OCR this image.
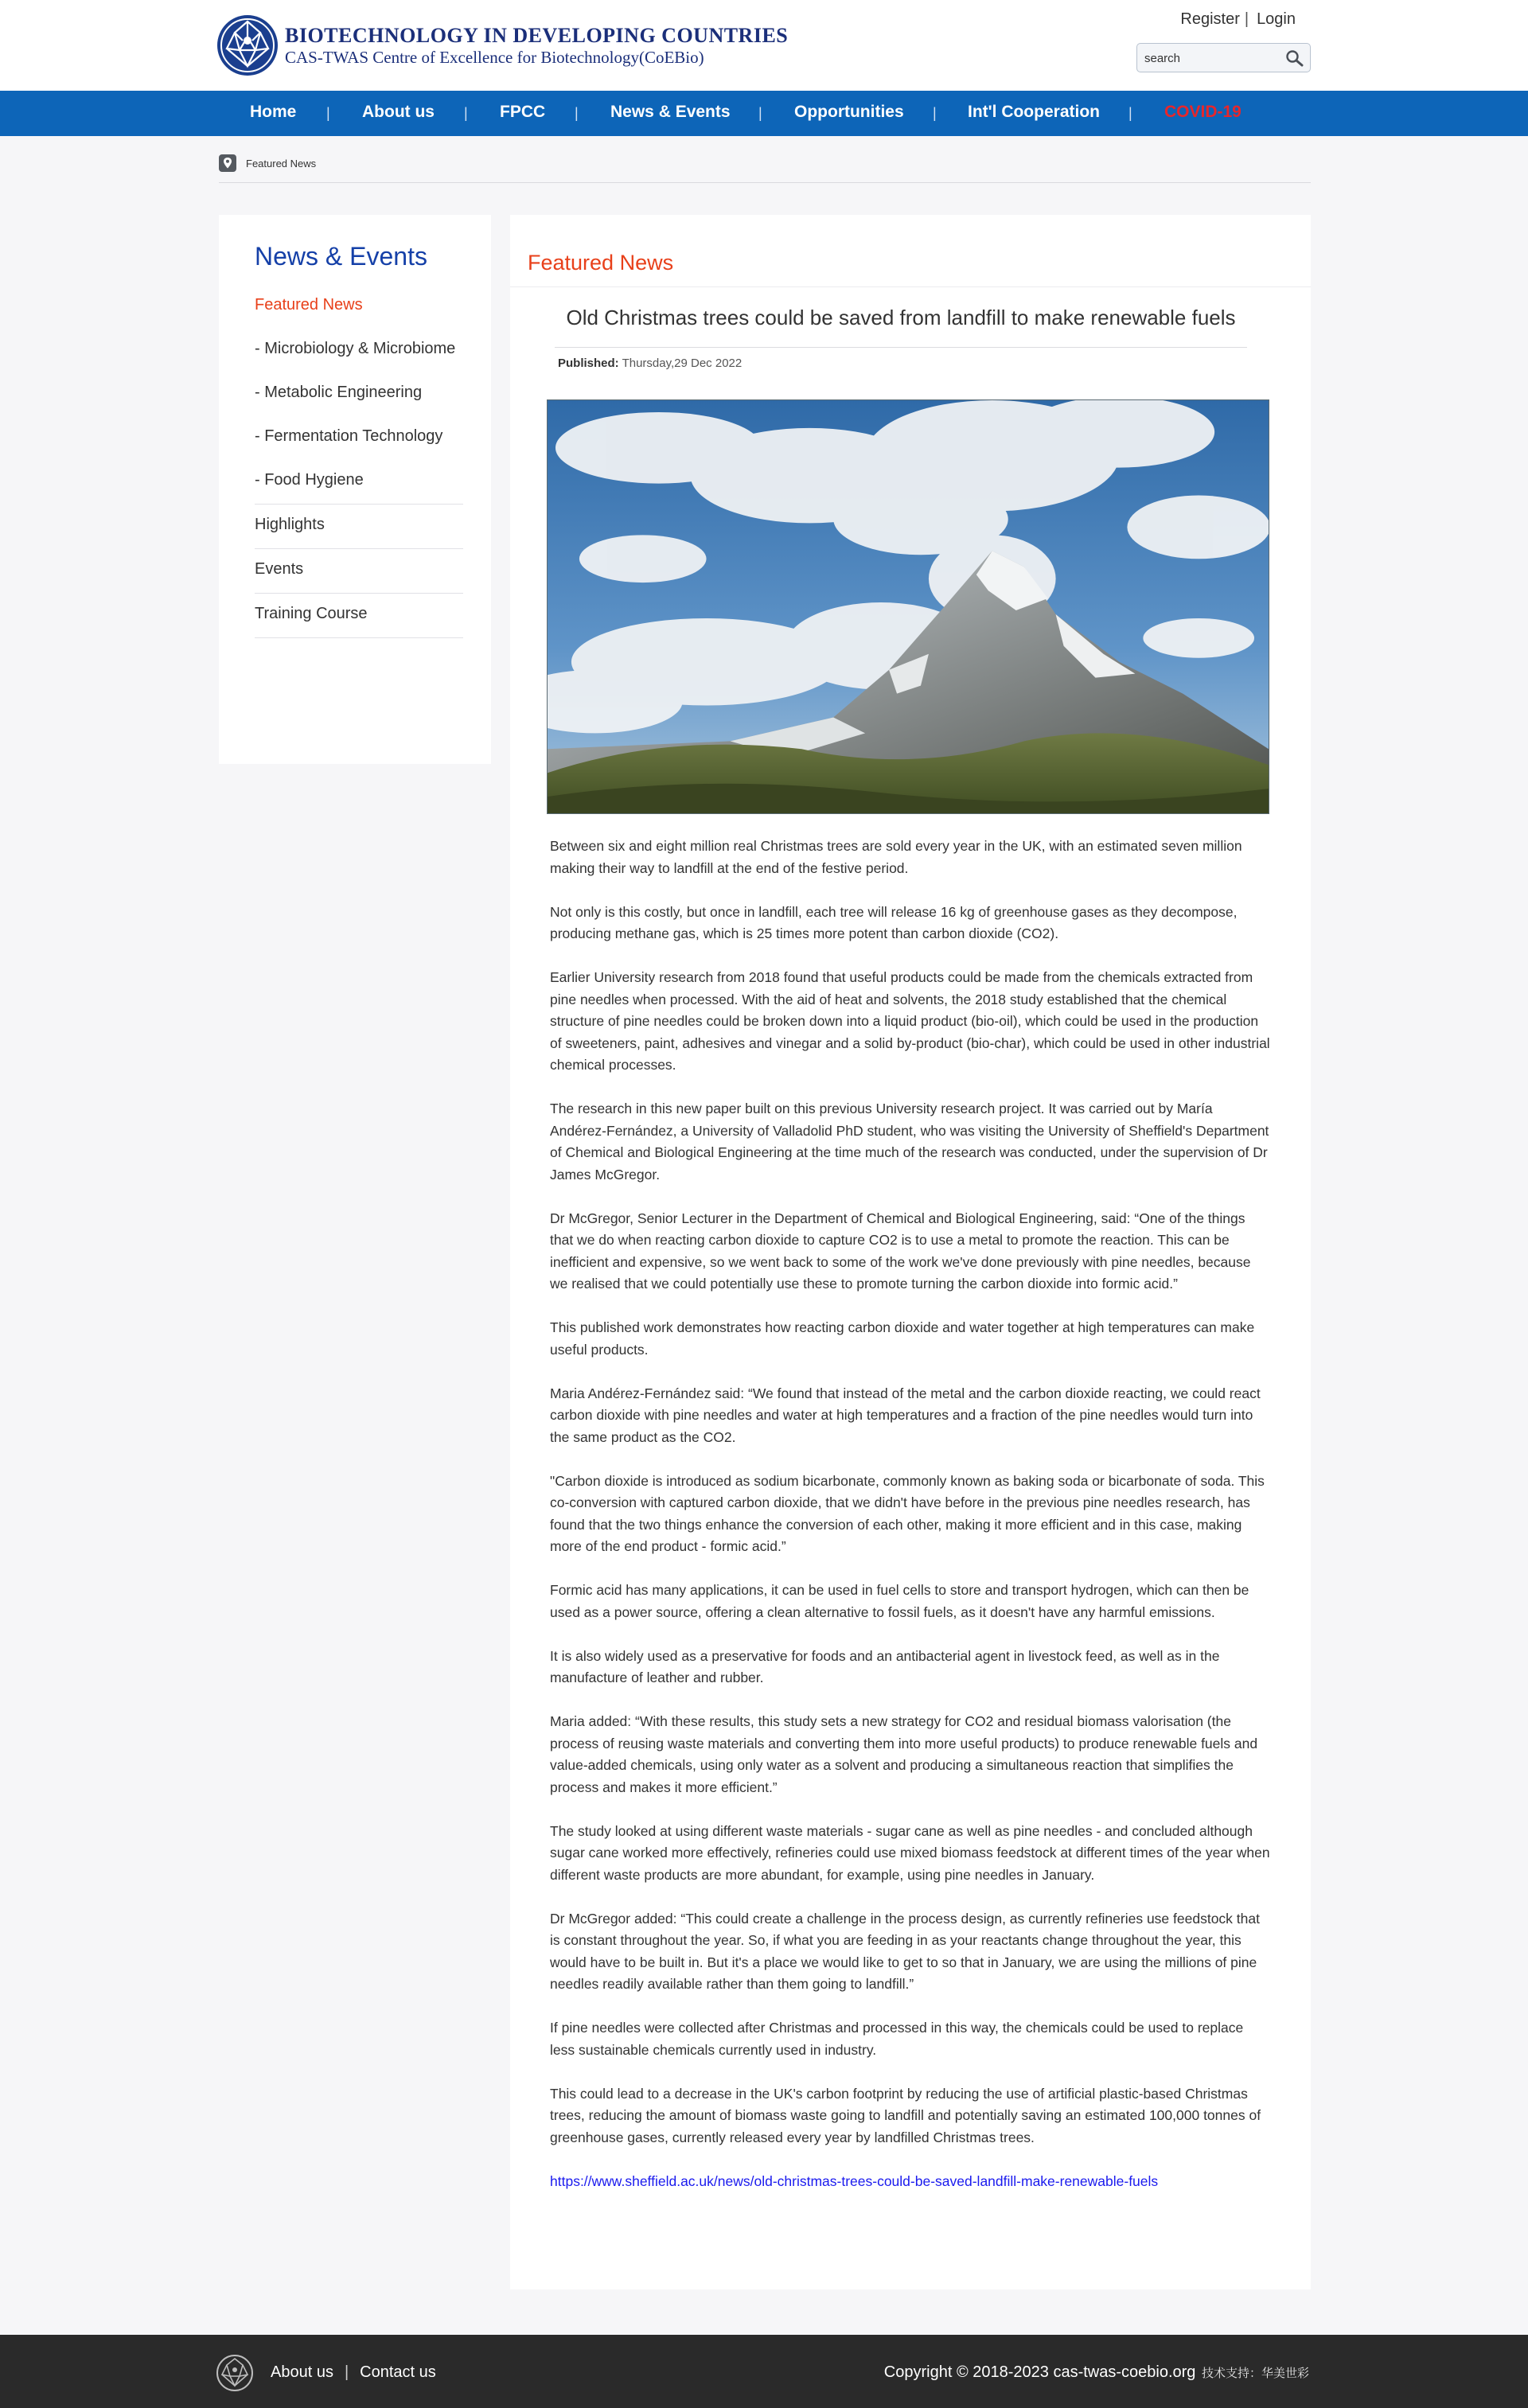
BIOTECHNOLOGY IN DEVELOPING COUNTRIES
CAS-TWAS Centre of Excellence for Biotechnology(CoEBio)
Register | Login
search
Home | About us | FPCC | News & Events | Opportunities | Int'l Cooperation | COVID-19
Featured News
News & Events
Featured News
- Microbiology & Microbiome
- Metabolic Engineering
- Fermentation Technology
- Food Hygiene
Highlights
Events
Training Course
Featured News
Old Christmas trees could be saved from landfill to make renewable fuels
Published: Thursday,29 Dec 2022

Between six and eight million real Christmas trees are sold every year in the UK, with an estimated seven million making their way to landfill at the end of the festive period.

Not only is this costly, but once in landfill, each tree will release 16 kg of greenhouse gases as they decompose, producing methane gas, which is 25 times more potent than carbon dioxide (CO2).

Earlier University research from 2018 found that useful products could be made from the chemicals extracted from pine needles when processed. With the aid of heat and solvents, the 2018 study established that the chemical structure of pine needles could be broken down into a liquid product (bio-oil), which could be used in the production of sweeteners, paint, adhesives and vinegar and a solid by-product (bio-char), which could be used in other industrial chemical processes.

The research in this new paper built on this previous University research project. It was carried out by María Andérez-Fernández, a University of Valladolid PhD student, who was visiting the University of Sheffield's Department of Chemical and Biological Engineering at the time much of the research was conducted, under the supervision of Dr James McGregor.

Dr McGregor, Senior Lecturer in the Department of Chemical and Biological Engineering, said: “One of the things that we do when reacting carbon dioxide to capture CO2 is to use a metal to promote the reaction. This can be inefficient and expensive, so we went back to some of the work we've done previously with pine needles, because we realised that we could potentially use these to promote turning the carbon dioxide into formic acid.”

This published work demonstrates how reacting carbon dioxide and water together at high temperatures can make useful products.

Maria Andérez-Fernández said: “We found that instead of the metal and the carbon dioxide reacting, we could react carbon dioxide with pine needles and water at high temperatures and a fraction of the pine needles would turn into the same product as the CO2.

"Carbon dioxide is introduced as sodium bicarbonate, commonly known as baking soda or bicarbonate of soda. This co-conversion with captured carbon dioxide, that we didn't have before in the previous pine needles research, has found that the two things enhance the conversion of each other, making it more efficient and in this case, making more of the end product - formic acid.”

Formic acid has many applications, it can be used in fuel cells to store and transport hydrogen, which can then be used as a power source, offering a clean alternative to fossil fuels, as it doesn't have any harmful emissions.

It is also widely used as a preservative for foods and an antibacterial agent in livestock feed, as well as in the manufacture of leather and rubber.

Maria added: “With these results, this study sets a new strategy for CO2 and residual biomass valorisation (the process of reusing waste materials and converting them into more useful products) to produce renewable fuels and value-added chemicals, using only water as a solvent and producing a simultaneous reaction that simplifies the process and makes it more efficient.”

The study looked at using different waste materials - sugar cane as well as pine needles - and concluded although sugar cane worked more effectively, refineries could use mixed biomass feedstock at different times of the year when different waste products are more abundant, for example, using pine needles in January.

Dr McGregor added: “This could create a challenge in the process design, as currently refineries use feedstock that is constant throughout the year. So, if what you are feeding in as your reactants change throughout the year, this would have to be built in. But it's a place we would like to get to so that in January, we are using the millions of pine needles readily available rather than them going to landfill.”

If pine needles were collected after Christmas and processed in this way, the chemicals could be used to replace less sustainable chemicals currently used in industry.

This could lead to a decrease in the UK's carbon footprint by reducing the use of artificial plastic-based Christmas trees, reducing the amount of biomass waste going to landfill and potentially saving an estimated 100,000 tonnes of greenhouse gases, currently released every year by landfilled Christmas trees.

https://www.sheffield.ac.uk/news/old-christmas-trees-could-be-saved-landfill-make-renewable-fuels

About us | Contact us	Copyright © 2018-2023 cas-twas-coebio.org 技术支持：华美世彩
